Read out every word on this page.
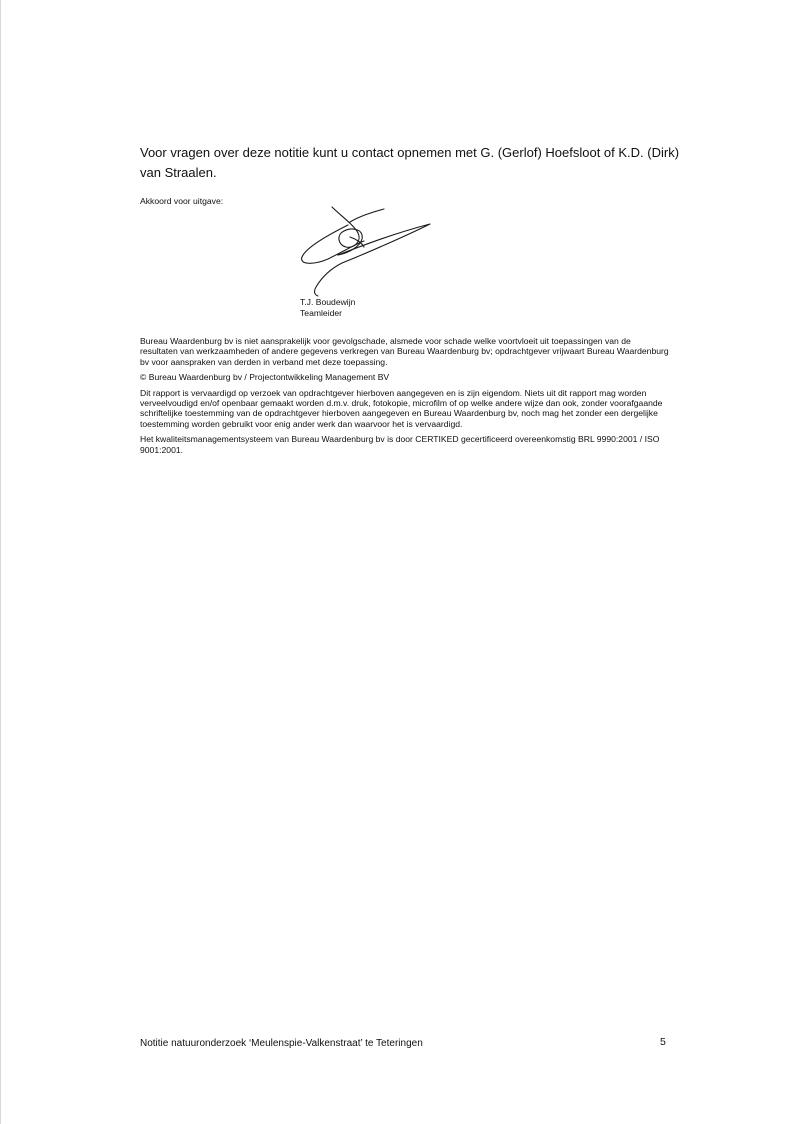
Voor vragen over deze notitie kunt u contact opnemen met G. (Gerlof) Hoefsloot of K.D. (Dirk) van Straalen.

Akkoord voor uitgave:

T.J. Boudewijn
Teamleider

Bureau Waardenburg bv is niet aansprakelijk voor gevolgschade, alsmede voor schade welke voortvloeit uit toepassingen van de resultaten van werkzaamheden of andere gegevens verkregen van Bureau Waardenburg bv; opdrachtgever vrijwaart Bureau Waardenburg bv voor aanspraken van derden in verband met deze toepassing.

© Bureau Waardenburg bv / Projectontwikkeling Management BV

Dit rapport is vervaardigd op verzoek van opdrachtgever hierboven aangegeven en is zijn eigendom. Niets uit dit rapport mag worden verveelvoudigd en/of openbaar gemaakt worden d.m.v. druk, fotokopie, microfilm of op welke andere wijze dan ook, zonder voorafgaande schriftelijke toestemming van de opdrachtgever hierboven aangegeven en Bureau Waardenburg bv, noch mag het zonder een dergelijke toestemming worden gebruikt voor enig ander werk dan waarvoor het is vervaardigd.

Het kwaliteitsmanagementsysteem van Bureau Waardenburg bv is door CERTIKED gecertificeerd overeenkomstig BRL 9990:2001 / ISO 9001:2001.

Notitie natuuronderzoek ‘Meulenspie-Valkenstraat’ te Teteringen	5
